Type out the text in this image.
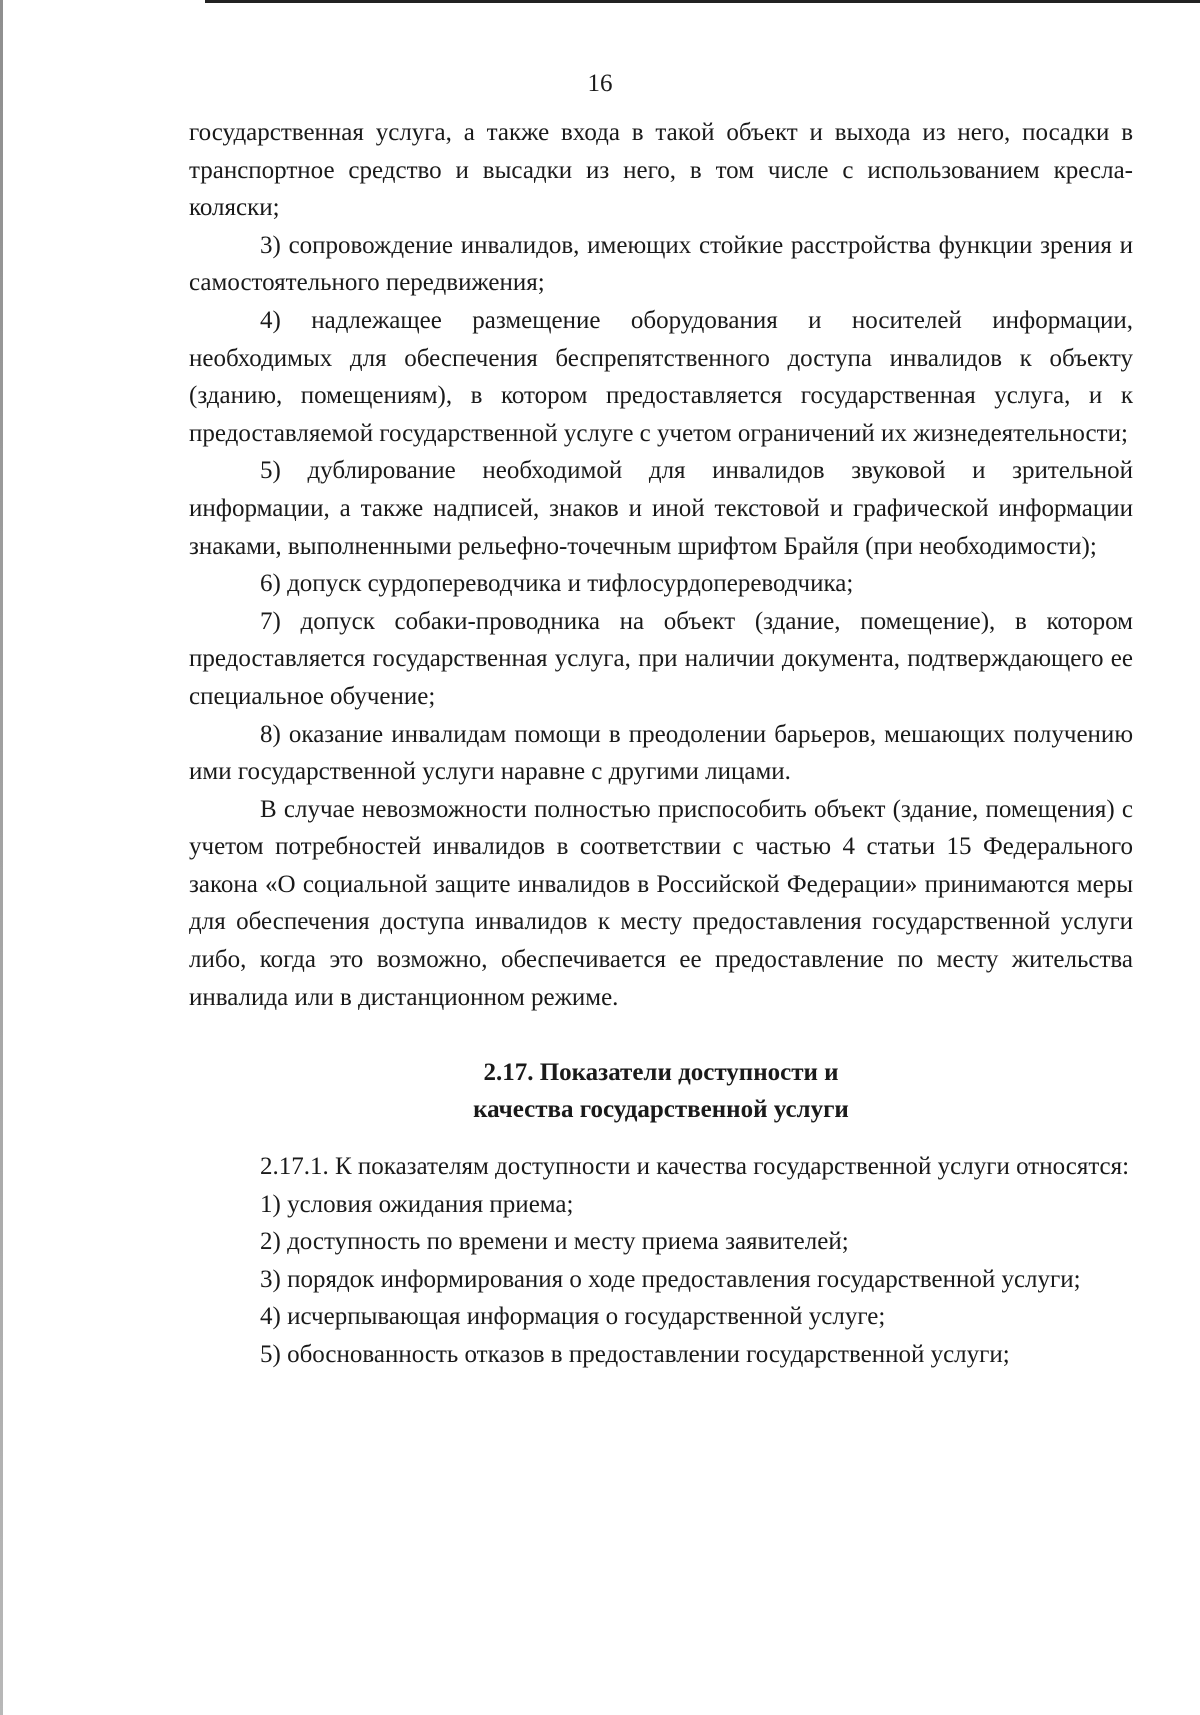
16

государственная услуга, а также входа в такой объект и выхода из него, посадки в транспортное средство и высадки из него, в том числе с использованием кресла-коляски;

3) сопровождение инвалидов, имеющих стойкие расстройства функции зрения и самостоятельного передвижения;

4) надлежащее размещение оборудования и носителей информации, необходимых для обеспечения беспрепятственного доступа инвалидов к объекту (зданию, помещениям), в котором предоставляется государственная услуга, и к предоставляемой государственной услуге с учетом ограничений их жизнедеятельности;

5) дублирование необходимой для инвалидов звуковой и зрительной информации, а также надписей, знаков и иной текстовой и графической информации знаками, выполненными рельефно-точечным шрифтом Брайля (при необходимости);

6) допуск сурдопереводчика и тифлосурдопереводчика;

7) допуск собаки-проводника на объект (здание, помещение), в котором предоставляется государственная услуга, при наличии документа, подтверждающего ее специальное обучение;

8) оказание инвалидам помощи в преодолении барьеров, мешающих получению ими государственной услуги наравне с другими лицами.

В случае невозможности полностью приспособить объект (здание, помещения) с учетом потребностей инвалидов в соответствии с частью 4 статьи 15 Федерального закона «О социальной защите инвалидов в Российской Федерации» принимаются меры для обеспечения доступа инвалидов к месту предоставления государственной услуги либо, когда это возможно, обеспечивается ее предоставление по месту жительства инвалида или в дистанционном режиме.

2.17. Показатели доступности и
качества государственной услуги

2.17.1. К показателям доступности и качества государственной услуги относятся:

1) условия ожидания приема;

2) доступность по времени и месту приема заявителей;

3) порядок информирования о ходе предоставления государственной услуги;

4) исчерпывающая информация о государственной услуге;

5) обоснованность отказов в предоставлении государственной услуги;
